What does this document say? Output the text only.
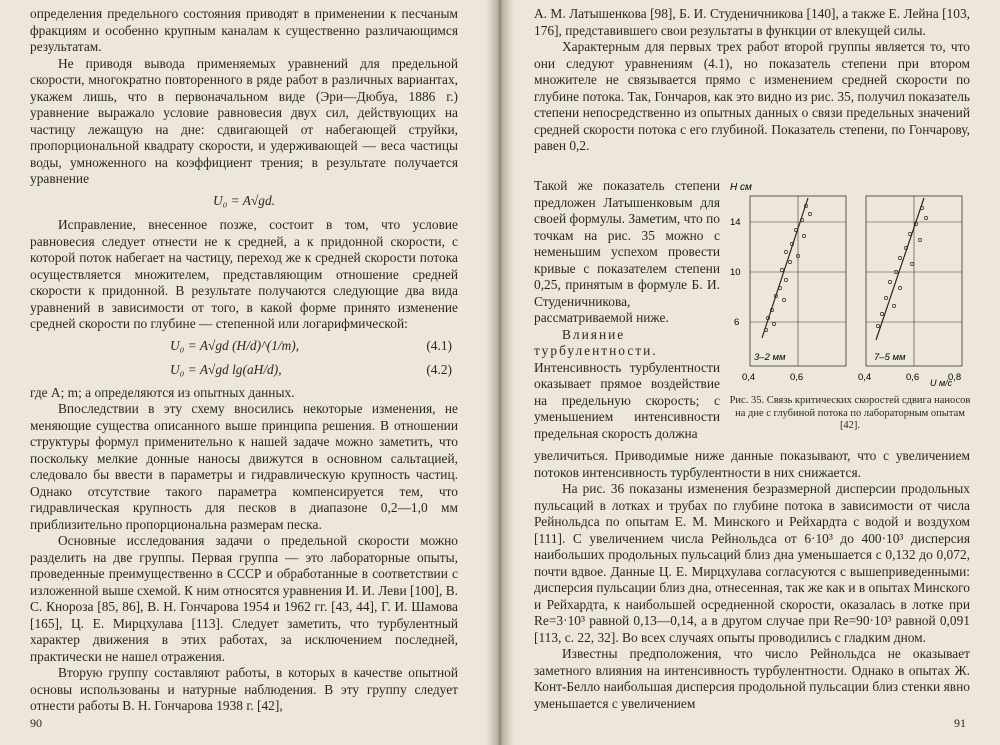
определения предельного состояния приводят в применении к песчаным фракциям и особенно крупным каналам к существенно различающимся результатам.

Не приводя вывода применяемых уравнений для предельной скорости, многократно повторенного в ряде работ в различных вариантах, укажем лишь, что в первоначальном виде (Эри—Дюбуа, 1886 г.) уравнение выражало условие равновесия двух сил, действующих на частицу лежащую на дне: сдвигающей от набегающей струйки, пропорциональной квадрату скорости, и удерживающей — веса частицы воды, умноженного на коэффициент трения; в результате получается уравнение

U₀ = A√gd.

Исправление, внесенное позже, состоит в том, что условие равновесия следует отнести не к средней, а к придонной скорости, с которой поток набегает на частицу, переход же к средней скорости потока осуществляется множителем, представляющим отношение средней скорости к придонной. В результате получаются следующие два вида уравнений в зависимости от того, в какой форме принято изменение средней скорости по глубине — степенной или логарифмической:

U₀ = A√gd (H/d)^(1/m),	(4.1)
U₀ = A√gd lg(aH/d),	(4.2)

где A; m; a определяются из опытных данных.

Впоследствии в эту схему вносились некоторые изменения, не меняющие существа описанного выше принципа решения. В отношении структуры формул применительно к нашей задаче можно заметить, что поскольку мелкие донные наносы движутся в основном сальтацией, следовало бы ввести в параметры и гидравлическую крупность частиц. Однако отсутствие такого параметра компенсируется тем, что гидравлическая крупность для песков в диапазоне 0,2—1,0 мм приблизительно пропорциональна размерам песка.

Основные исследования задачи о предельной скорости можно разделить на две группы. Первая группа — это лабораторные опыты, проведенные преимущественно в СССР и обработанные в соответствии с изложенной выше схемой. К ним относятся уравнения И. И. Леви [100], В. С. Кнороза [85, 86], В. Н. Гончарова 1954 и 1962 гг. [43, 44], Г. И. Шамова [165], Ц. Е. Мирцхулава [113]. Следует заметить, что турбулентный характер движения в этих работах, за исключением последней, практически не нашел отражения.

Вторую группу составляют работы, в которых в качестве опытной основы использованы и натурные наблюдения. В эту группу следует отнести работы В. Н. Гончарова 1938 г. [42],

90

А. М. Латышенкова [98], Б. И. Студеничникова [140], а также Е. Лейна [103, 176], представившего свои результаты в функции от влекущей силы.

Характерным для первых трех работ второй группы является то, что они следуют уравнениям (4.1), но показатель степени при втором множителе не связывается прямо с изменением средней скорости по глубине потока. Так, Гончаров, как это видно из рис. 35, получил показатель степени непосредственно из опытных данных о связи предельных значений средней скорости потока с его глубиной. Показатель степени, по Гончарову, равен 0,2.

Такой же показатель степени предложен Латышенковым для своей формулы. Заметим, что по точкам на рис. 35 можно с неменьшим успехом провести кривые с показателем степени 0,25, принятым в формуле Б. И. Студеничникова, рассматриваемой ниже.

Влияние турбулентности. Интенсивность турбулентности оказывает прямое воздействие на предельную скорость; с уменьшением интенсивности предельная скорость должна

H см
3–2 мм	7–5 мм
14
10
6
0,4	0,6	0,4	0,6	0,8
U м/с
Рис. 35. Связь критических скоростей сдвига наносов на дне с глубиной потока по лабораторным опытам [42].

увеличиться. Приводимые ниже данные показывают, что с увеличением потоков интенсивность турбулентности в них снижается.

На рис. 36 показаны изменения безразмерной дисперсии продольных пульсаций в лотках и трубах по глубине потока в зависимости от числа Рейнольдса по опытам Е. М. Минского и Рейхардта с водой и воздухом [111]. С увеличением числа Рейнольдса от 6·10³ до 400·10³ дисперсия наибольших продольных пульсаций близ дна уменьшается с 0,132 до 0,072, почти вдвое. Данные Ц. Е. Мирцхулава согласуются с вышеприведенными: дисперсия пульсации близ дна, отнесенная, так же как и в опытах Минского и Рейхардта, к наибольшей осредненной скорости, оказалась в лотке при Re=3·10³ равной 0,13—0,14, а в другом случае при Re=90·10³ равной 0,091 [113, с. 22, 32]. Во всех случаях опыты проводились с гладким дном.

Известны предположения, что число Рейнольдса не оказывает заметного влияния на интенсивность турбулентности. Однако в опытах Ж. Конт-Белло наибольшая дисперсия продольной пульсации близ стенки явно уменьшается с увеличением

91
